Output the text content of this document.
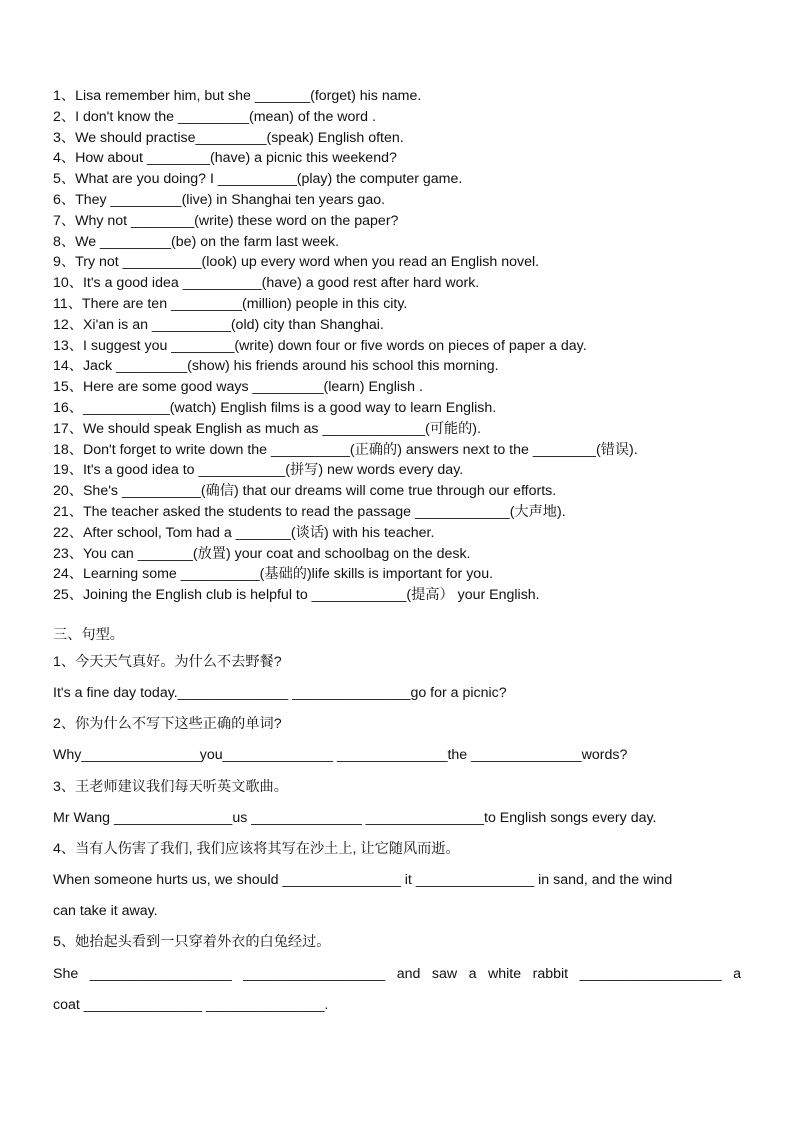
1、Lisa remember him, but she _______(forget) his name.
2、I don't know the _________(mean) of the word .
3、We should practise_________(speak) English often.
4、How about ________(have) a picnic this weekend?
5、What are you doing? I __________(play) the computer game.
6、They _________(live) in Shanghai ten years gao.
7、Why not ________(write) these word on the paper?
8、We _________(be) on the farm last week.
9、Try not __________(look) up every word when you read an English novel.
10、It's a good idea __________(have) a good rest after hard work.
11、There are ten _________(million) people in this city.
12、Xi'an is an __________(old) city than Shanghai.
13、I suggest you ________(write) down four or five words on pieces of paper a day.
14、Jack _________(show) his friends around his school this morning.
15、Here are some good ways _________(learn) English .
16、___________(watch) English films is a good way to learn English.
17、We should speak English as much as _____________(可能的).
18、Don't forget to write down the __________(正确的) answers next to the ________(错误).
19、It's a good idea to ___________(拼写) new words every day.
20、She's __________(确信) that our dreams will come true through our efforts.
21、The teacher asked the students to read the passage ____________(大声地).
22、After school, Tom had a _______(谈话) with his teacher.
23、You can _______(放置) your coat and schoolbag on the desk.
24、Learning some __________(基础的)life skills is important for you.
25、Joining the English club is helpful to ____________(提高） your English.
三、句型。
1、今天天气真好。为什么不去野餐?
It's a fine day today.______________ _______________go for a picnic?
2、你为什么不写下这些正确的单词?
Why_______________you______________ ______________the ______________words?
3、王老师建议我们每天听英文歌曲。
Mr Wang _______________us ______________ _______________to English songs every day.
4、当有人伤害了我们, 我们应该将其写在沙土上, 让它随风而逝。
When someone hurts us, we should _______________ it _______________ in sand, and the wind
can take it away.
5、她抬起头看到一只穿着外衣的白兔经过。
She __________________ __________________ and saw a white rabbit __________________ a
coat _______________ _______________.
